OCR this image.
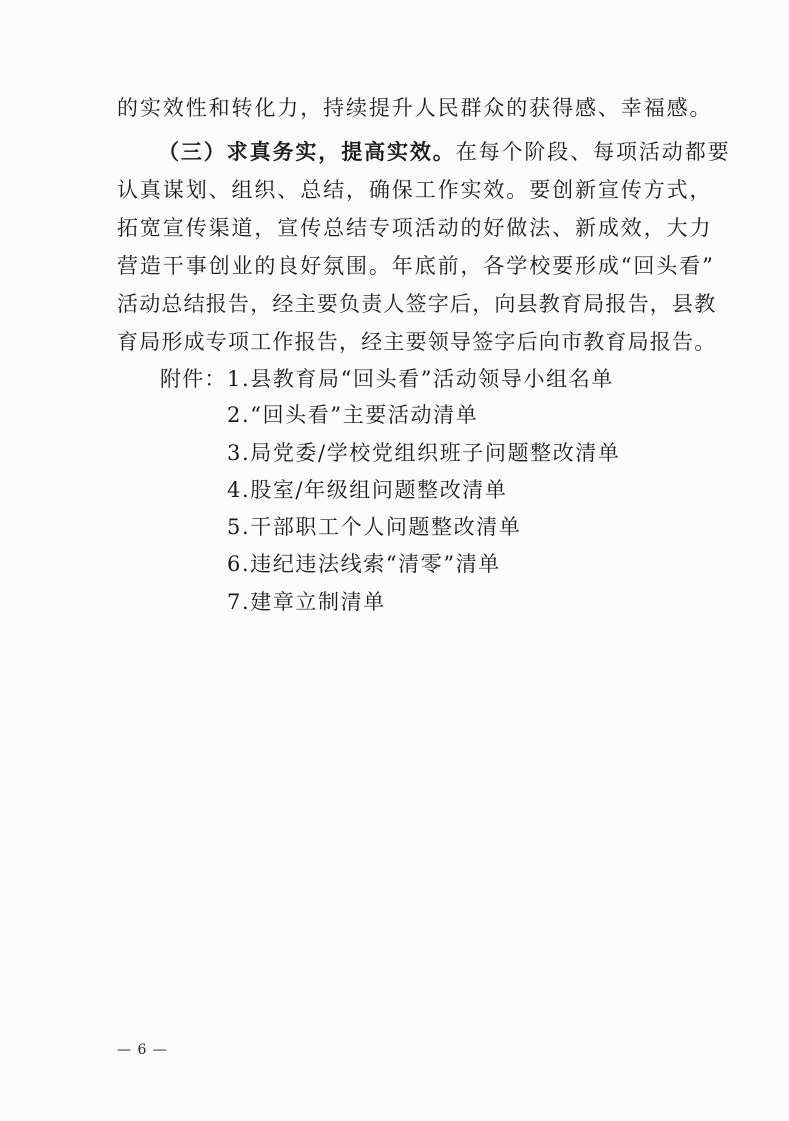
的实效性和转化力，持续提升人民群众的获得感、幸福感。
（三）求真务实，提高实效。在每个阶段、每项活动都要
认真谋划、组织、总结，确保工作实效。要创新宣传方式，
拓宽宣传渠道，宣传总结专项活动的好做法、新成效，大力
营造干事创业的良好氛围。年底前，各学校要形成“回头看”
活动总结报告，经主要负责人签字后，向县教育局报告，县教
育局形成专项工作报告，经主要领导签字后向市教育局报告。
附件： 1.县教育局“回头看”活动领导小组名单
2.“回头看”主要活动清单
3.局党委/学校党组织班子问题整改清单
4.股室/年级组问题整改清单
5.干部职工个人问题整改清单
6.违纪违法线索“清零”清单
7.建章立制清单
— 6 —
